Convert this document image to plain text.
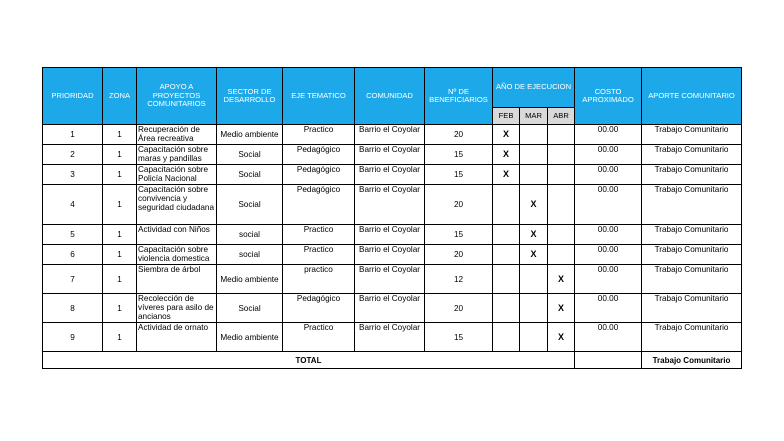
PRIORIDAD	ZONA	APOYO A PROYECTOS COMUNITARIOS	SECTOR DE DESARROLLO	EJE TEMATICO	COMUNIDAD	Nº DE BENEFICIARIOS	AÑO DE EJECUCION			COSTO APROXIMADO	APORTE COMUNITARIO
							FEB	MAR	ABR		
1	1	Recuperación de Área recreativa	Medio ambiente	Practico	Barrio el Coyolar	20	X			00.00	Trabajo Comunitario
2	1	Capacitación sobre maras y pandillas	Social	Pedagógico	Barrio el Coyolar	15	X			00.00	Trabajo Comunitario
3	1	Capacitación sobre Policía Nacional	Social	Pedagógico	Barrio el Coyolar	15	X			00.00	Trabajo Comunitario
4	1	Capacitación sobre convivencia y seguridad ciudadana	Social	Pedagógico	Barrio el Coyolar	20		X		00.00	Trabajo Comunitario
5	1	Actividad con Niños	social	Practico	Barrio el Coyolar	15		X		00.00	Trabajo Comunitario
6	1	Capacitación sobre violencia domestica	social	Practico	Barrio el Coyolar	20		X		00.00	Trabajo Comunitario
7	1	Siembra de árbol	Medio ambiente	practico	Barrio el Coyolar	12			X	00.00	Trabajo Comunitario
8	1	Recolección de víveres para asilo de ancianos	Social	Pedagógico	Barrio el Coyolar	20			X	00.00	Trabajo Comunitario
9	1	Actividad de ornato	Medio ambiente	Practico	Barrio el Coyolar	15			X	00.00	Trabajo Comunitario
TOTAL											Trabajo Comunitario
